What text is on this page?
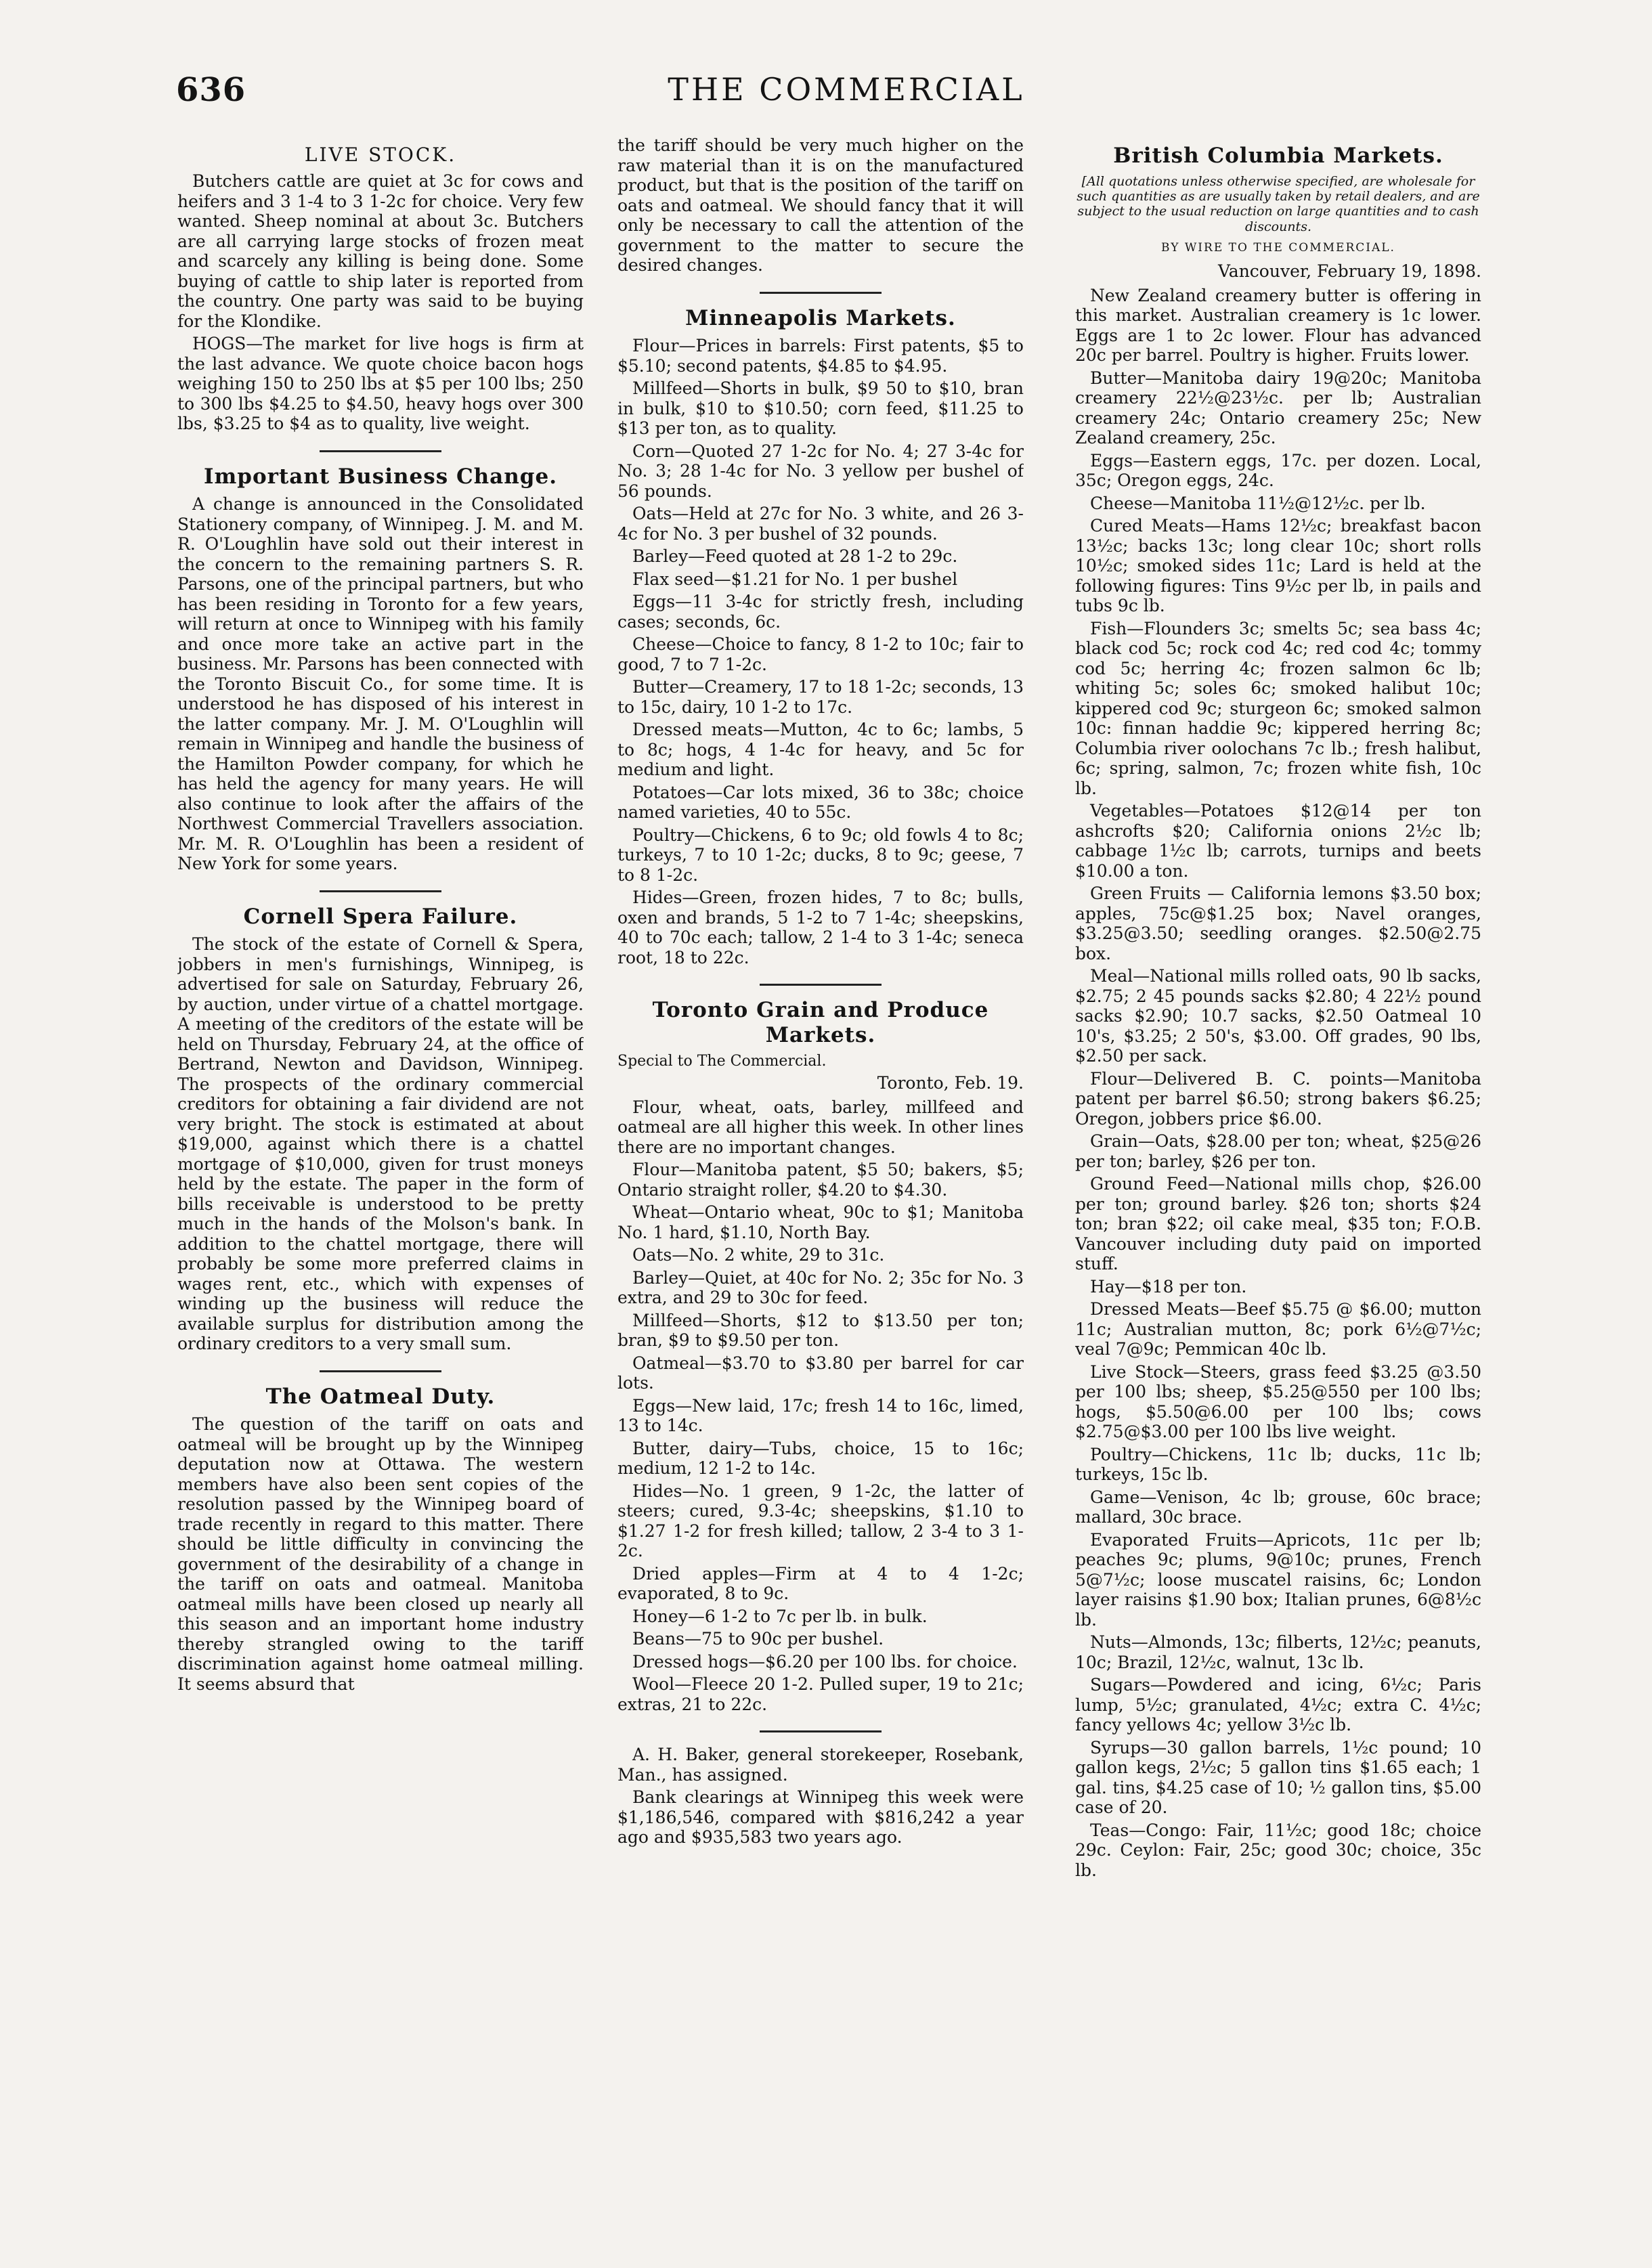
636	THE COMMERCIAL
LIVE STOCK.

Butchers cattle are quiet at 3c for cows and heifers and 3 1-4 to 3 1-2c for choice. Very few wanted. Sheep nominal at about 3c. Butchers are all carrying large stocks of frozen meat and scarcely any killing is being done. Some buying of cattle to ship later is reported from the country. One party was said to be buying for the Klondike.

HOGS—The market for live hogs is firm at the last advance. We quote choice bacon hogs weighing 150 to 250 lbs at $5 per 100 lbs; 250 to 300 lbs $4.25 to $4.50, heavy hogs over 300 lbs, $3.25 to $4 as to quality, live weight.

Important Business Change.

A change is announced in the Consolidated Stationery company, of Winnipeg. J. M. and M. R. O'Loughlin have sold out their interest in the concern to the remaining partners S. R. Parsons, one of the principal partners, but who has been residing in Toronto for a few years, will return at once to Winnipeg with his family and once more take an active part in the business. Mr. Parsons has been connected with the Toronto Biscuit Co., for some time. It is understood he has disposed of his interest in the latter company. Mr. J. M. O'Loughlin will remain in Winnipeg and handle the business of the Hamilton Powder company, for which he has held the agency for many years. He will also continue to look after the affairs of the Northwest Commercial Travellers association. Mr. M. R. O'Loughlin has been a resident of New York for some years.

Cornell Spera Failure.

The stock of the estate of Cornell & Spera, jobbers in men's furnishings, Winnipeg, is advertised for sale on Saturday, February 26, by auction, under virtue of a chattel mortgage. A meeting of the creditors of the estate will be held on Thursday, February 24, at the office of Bertrand, Newton and Davidson, Winnipeg. The prospects of the ordinary commercial creditors for obtaining a fair dividend are not very bright. The stock is estimated at about $19,000, against which there is a chattel mortgage of $10,000, given for trust moneys held by the estate. The paper in the form of bills receivable is understood to be pretty much in the hands of the Molson's bank. In addition to the chattel mortgage, there will probably be some more preferred claims in wages rent, etc., which with expenses of winding up the business will reduce the available surplus for distribution among the ordinary creditors to a very small sum.

The Oatmeal Duty.

The question of the tariff on oats and oatmeal will be brought up by the Winnipeg deputation now at Ottawa. The western members have also been sent copies of the resolution passed by the Winnipeg board of trade recently in regard to this matter. There should be little difficulty in convincing the government of the desirability of a change in the tariff on oats and oatmeal. Manitoba oatmeal mills have been closed up nearly all this season and an important home industry thereby strangled owing to the tariff discrimination against home oatmeal milling. It seems absurd that

the tariff should be very much higher on the raw material than it is on the manufactured product, but that is the position of the tariff on oats and oatmeal. We should fancy that it will only be necessary to call the attention of the government to the matter to secure the desired changes.

Minneapolis Markets.

Flour—Prices in barrels: First patents, $5 to $5.10; second patents, $4.85 to $4.95.

Millfeed—Shorts in bulk, $9 50 to $10, bran in bulk, $10 to $10.50; corn feed, $11.25 to $13 per ton, as to quality.

Corn—Quoted 27 1-2c for No. 4; 27 3-4c for No. 3; 28 1-4c for No. 3 yellow per bushel of 56 pounds.

Oats—Held at 27c for No. 3 white, and 26 3-4c for No. 3 per bushel of 32 pounds.

Barley—Feed quoted at 28 1-2 to 29c.

Flax seed—$1.21 for No. 1 per bushel

Eggs—11 3-4c for strictly fresh, including cases; seconds, 6c.

Cheese—Choice to fancy, 8 1-2 to 10c; fair to good, 7 to 7 1-2c.

Butter—Creamery, 17 to 18 1-2c; seconds, 13 to 15c, dairy, 10 1-2 to 17c.

Dressed meats—Mutton, 4c to 6c; lambs, 5 to 8c; hogs, 4 1-4c for heavy, and 5c for medium and light.

Potatoes—Car lots mixed, 36 to 38c; choice named varieties, 40 to 55c.

Poultry—Chickens, 6 to 9c; old fowls 4 to 8c; turkeys, 7 to 10 1-2c; ducks, 8 to 9c; geese, 7 to 8 1-2c.

Hides—Green, frozen hides, 7 to 8c; bulls, oxen and brands, 5 1-2 to 7 1-4c; sheepskins, 40 to 70c each; tallow, 2 1-4 to 3 1-4c; seneca root, 18 to 22c.

Toronto Grain and Produce Markets.
Special to The Commercial.
Toronto, Feb. 19.

Flour, wheat, oats, barley, millfeed and oatmeal are all higher this week. In other lines there are no important changes.

Flour—Manitoba patent, $5 50; bakers, $5; Ontario straight roller, $4.20 to $4.30.

Wheat—Ontario wheat, 90c to $1; Manitoba No. 1 hard, $1.10, North Bay.

Oats—No. 2 white, 29 to 31c.

Barley—Quiet, at 40c for No. 2; 35c for No. 3 extra, and 29 to 30c for feed.

Millfeed—Shorts, $12 to $13.50 per ton; bran, $9 to $9.50 per ton.

Oatmeal—$3.70 to $3.80 per barrel for car lots.

Eggs—New laid, 17c; fresh 14 to 16c, limed, 13 to 14c.

Butter, dairy—Tubs, choice, 15 to 16c; medium, 12 1-2 to 14c.

Hides—No. 1 green, 9 1-2c, the latter of steers; cured, 9.3-4c; sheepskins, $1.10 to $1.27 1-2 for fresh killed; tallow, 2 3-4 to 3 1-2c.

Dried apples—Firm at 4 to 4 1-2c; evaporated, 8 to 9c.

Honey—6 1-2 to 7c per lb. in bulk.

Beans—75 to 90c per bushel.

Dressed hogs—$6.20 per 100 lbs. for choice.

Wool—Fleece 20 1-2. Pulled super, 19 to 21c; extras, 21 to 22c.

A. H. Baker, general storekeeper, Rosebank, Man., has assigned.

Bank clearings at Winnipeg this week were $1,186,546, compared with $816,242 a year ago and $935,583 two years ago.

British Columbia Markets.
[All quotations unless otherwise specified, are wholesale for such quantities as are usually taken by retail dealers, and are subject to the usual reduction on large quantities and to cash discounts.
BY WIRE TO THE COMMERCIAL.
Vancouver, February 19, 1898.

New Zealand creamery butter is offering in this market. Australian creamery is 1c lower. Eggs are 1 to 2c lower. Flour has advanced 20c per barrel. Poultry is higher. Fruits lower.

Butter—Manitoba dairy 19@20c; Manitoba creamery 22½@23½c. per lb; Australian creamery 24c; Ontario creamery 25c; New Zealand creamery, 25c.

Eggs—Eastern eggs, 17c. per dozen. Local, 35c; Oregon eggs, 24c.

Cheese—Manitoba 11½@12½c. per lb.

Cured Meats—Hams 12½c; breakfast bacon 13½c; backs 13c; long clear 10c; short rolls 10½c; smoked sides 11c; Lard is held at the following figures: Tins 9½c per lb, in pails and tubs 9c lb.

Fish—Flounders 3c; smelts 5c; sea bass 4c; black cod 5c; rock cod 4c; red cod 4c; tommy cod 5c; herring 4c; frozen salmon 6c lb; whiting 5c; soles 6c; smoked halibut 10c; kippered cod 9c; sturgeon 6c; smoked salmon 10c: finnan haddie 9c; kippered herring 8c; Columbia river oolochans 7c lb.; fresh halibut, 6c; spring, salmon, 7c; frozen white fish, 10c lb.

Vegetables—Potatoes $12@14 per ton ashcrofts $20; California onions 2½c lb; cabbage 1½c lb; carrots, turnips and beets $10.00 a ton.

Green Fruits — California lemons $3.50 box; apples, 75c@$1.25 box; Navel oranges, $3.25@3.50; seedling oranges. $2.50@2.75 box.

Meal—National mills rolled oats, 90 lb sacks, $2.75; 2 45 pounds sacks $2.80; 4 22½ pound sacks $2.90; 10.7 sacks, $2.50 Oatmeal 10 10's, $3.25; 2 50's, $3.00. Off grades, 90 lbs, $2.50 per sack.

Flour—Delivered B. C. points—Manitoba patent per barrel $6.50; strong bakers $6.25; Oregon, jobbers price $6.00.

Grain—Oats, $28.00 per ton; wheat, $25@26 per ton; barley, $26 per ton.

Ground Feed—National mills chop, $26.00 per ton; ground barley. $26 ton; shorts $24 ton; bran $22; oil cake meal, $35 ton; F.O.B. Vancouver including duty paid on imported stuff.

Hay—$18 per ton.

Dressed Meats—Beef $5.75 @ $6.00; mutton 11c; Australian mutton, 8c; pork 6½@7½c; veal 7@9c; Pemmican 40c lb.

Live Stock—Steers, grass feed $3.25 @3.50 per 100 lbs; sheep, $5.25@550 per 100 lbs; hogs, $5.50@6.00 per 100 lbs; cows $2.75@$3.00 per 100 lbs live weight.

Poultry—Chickens, 11c lb; ducks, 11c lb; turkeys, 15c lb.

Game—Venison, 4c lb; grouse, 60c brace; mallard, 30c brace.

Evaporated Fruits—Apricots, 11c per lb; peaches 9c; plums, 9@10c; prunes, French 5@7½c; loose muscatel raisins, 6c; London layer raisins $1.90 box; Italian prunes, 6@8½c lb.

Nuts—Almonds, 13c; filberts, 12½c; peanuts, 10c; Brazil, 12½c, walnut, 13c lb.

Sugars—Powdered and icing, 6½c; Paris lump, 5½c; granulated, 4½c; extra C. 4½c; fancy yellows 4c; yellow 3½c lb.

Syrups—30 gallon barrels, 1½c pound; 10 gallon kegs, 2½c; 5 gallon tins $1.65 each; 1 gal. tins, $4.25 case of 10; ½ gallon tins, $5.00 case of 20.

Teas—Congo: Fair, 11½c; good 18c; choice 29c. Ceylon: Fair, 25c; good 30c; choice, 35c lb.
